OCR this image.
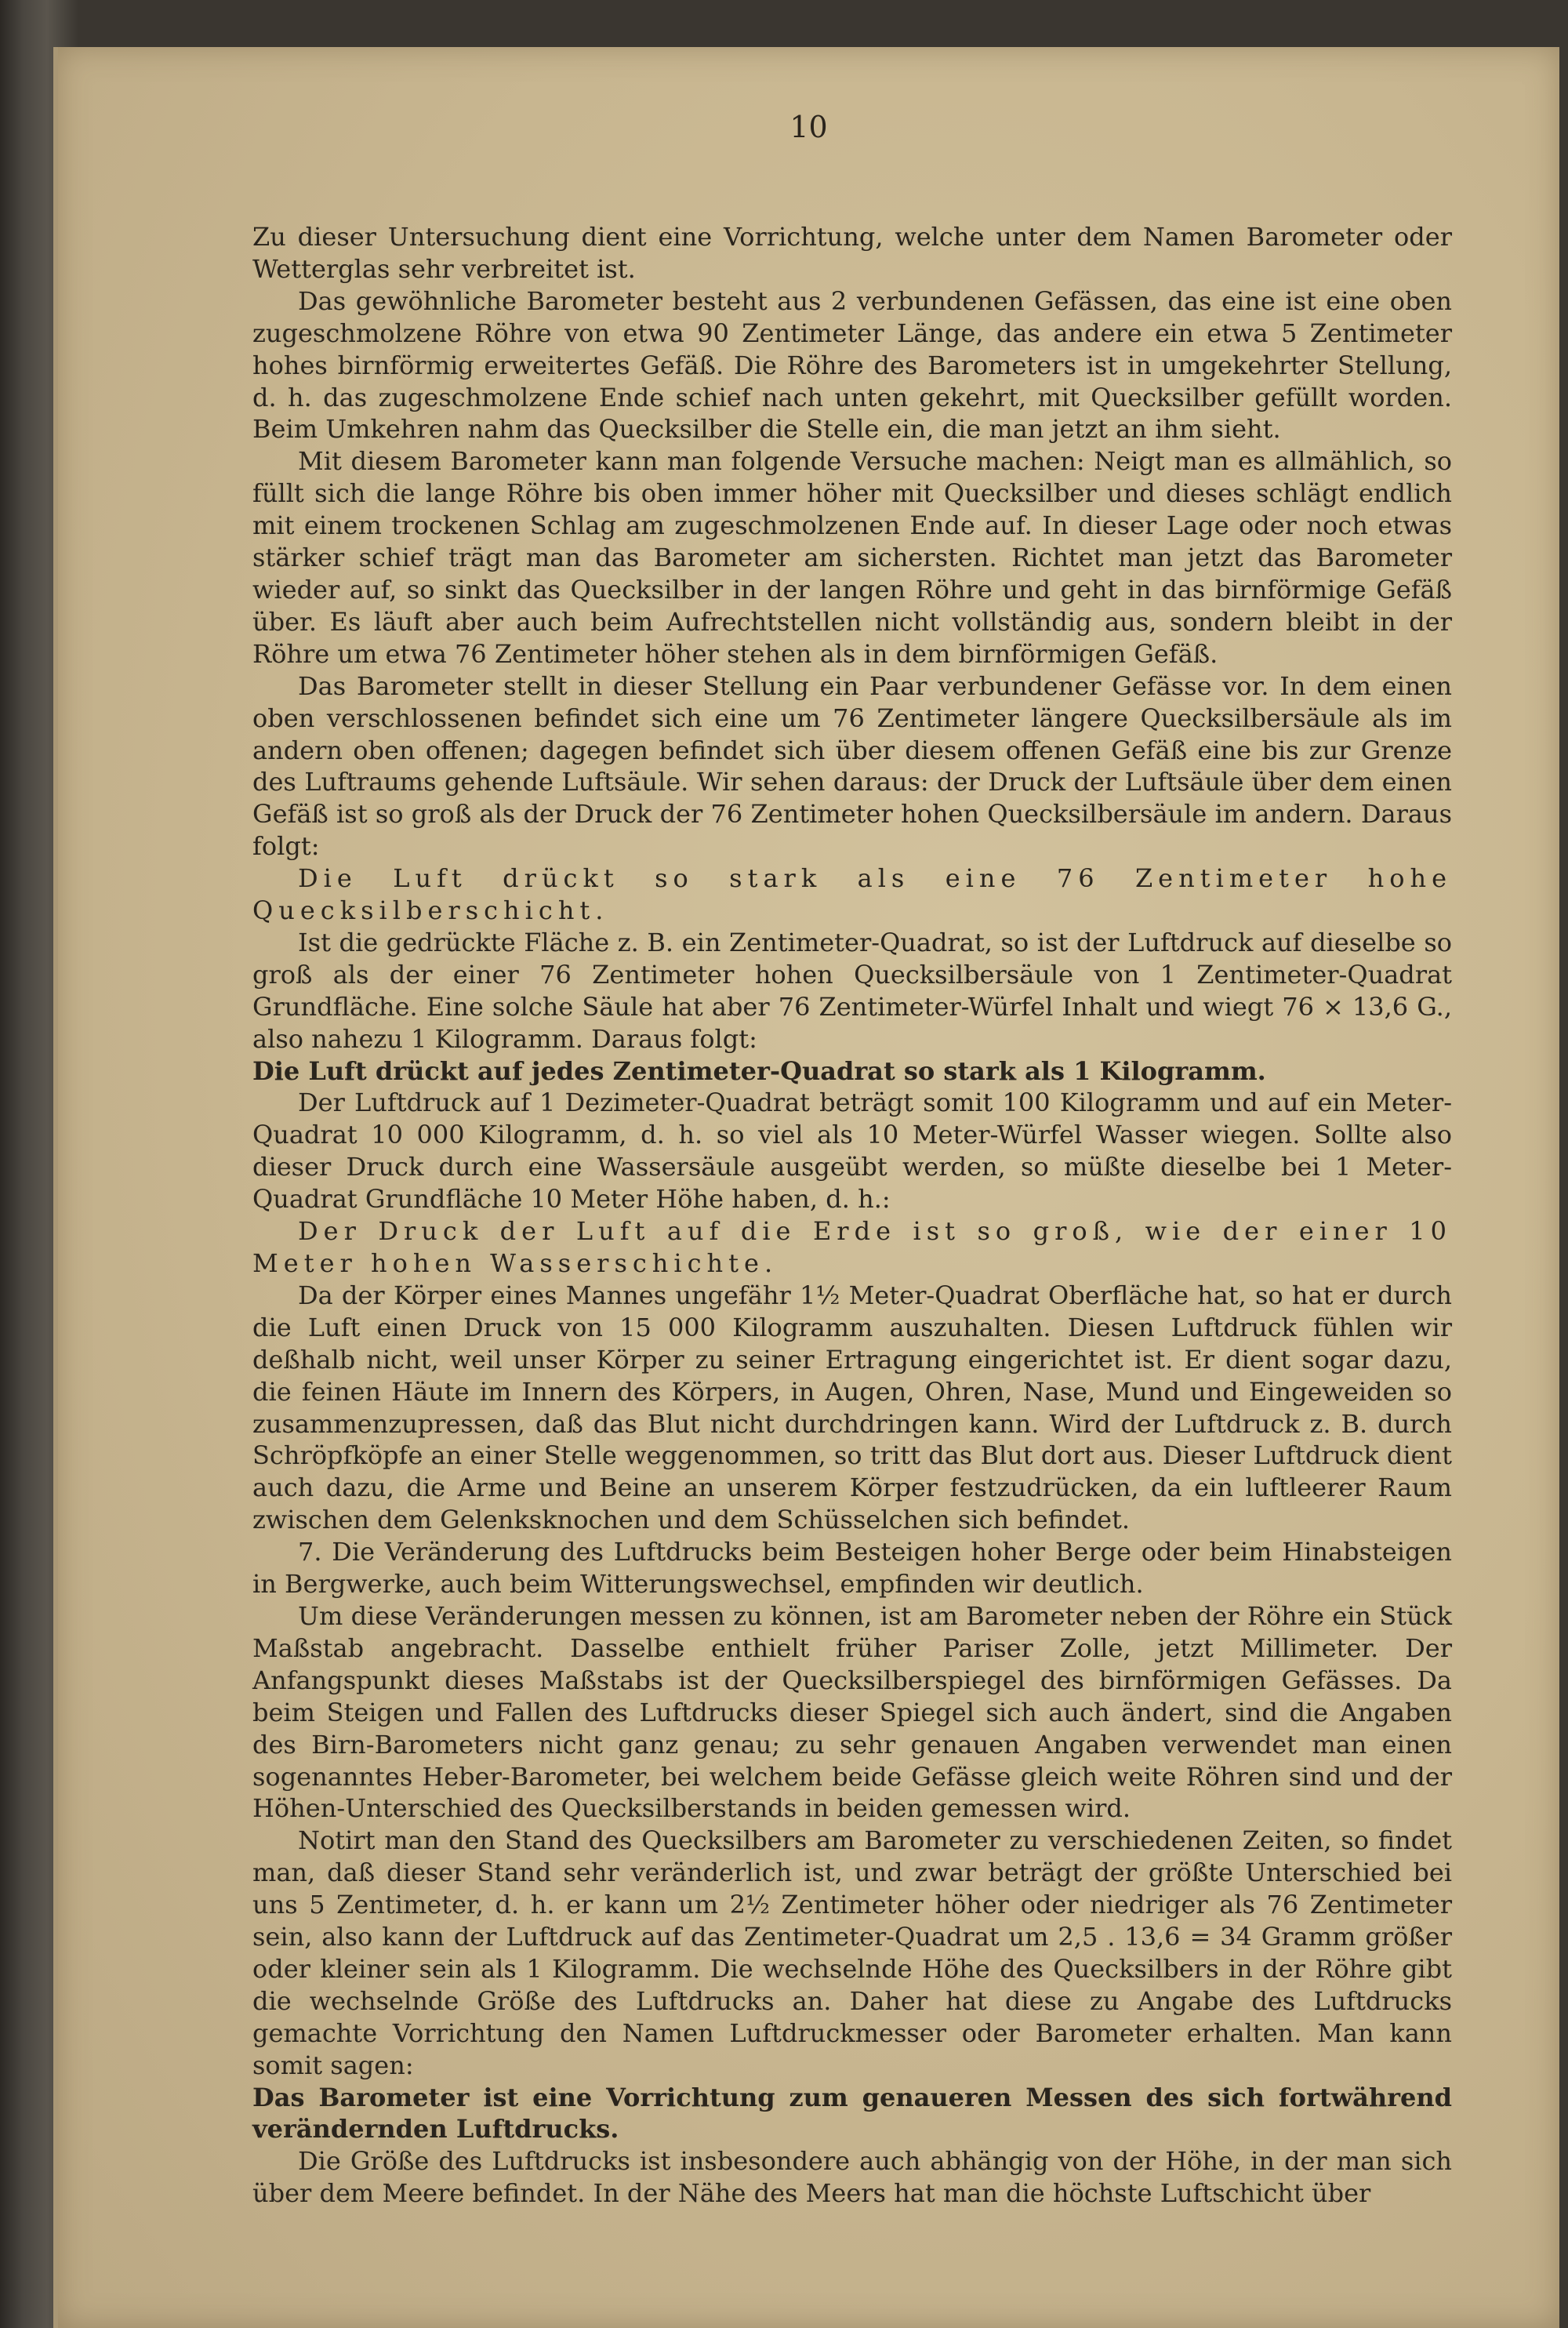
10

Zu dieser Untersuchung dient eine Vorrichtung, welche unter dem Namen Barometer oder Wetterglas sehr verbreitet ist.

Das gewöhnliche Barometer besteht aus 2 verbundenen Gefässen, das eine ist eine oben zugeschmolzene Röhre von etwa 90 Zentimeter Länge, das andere ein etwa 5 Zentimeter hohes birnförmig erweitertes Gefäß. Die Röhre des Barometers ist in umgekehrter Stellung, d. h. das zugeschmolzene Ende schief nach unten gekehrt, mit Quecksilber gefüllt worden. Beim Umkehren nahm das Quecksilber die Stelle ein, die man jetzt an ihm sieht.

Mit diesem Barometer kann man folgende Versuche machen: Neigt man es allmählich, so füllt sich die lange Röhre bis oben immer höher mit Quecksilber und dieses schlägt endlich mit einem trockenen Schlag am zugeschmolzenen Ende auf. In dieser Lage oder noch etwas stärker schief trägt man das Barometer am sichersten. Richtet man jetzt das Barometer wieder auf, so sinkt das Quecksilber in der langen Röhre und geht in das birnförmige Gefäß über. Es läuft aber auch beim Aufrechtstellen nicht vollständig aus, sondern bleibt in der Röhre um etwa 76 Zentimeter höher stehen als in dem birnförmigen Gefäß.

Das Barometer stellt in dieser Stellung ein Paar verbundener Gefässe vor. In dem einen oben verschlossenen befindet sich eine um 76 Zentimeter längere Quecksilbersäule als im andern oben offenen; dagegen befindet sich über diesem offenen Gefäß eine bis zur Grenze des Luftraums gehende Luftsäule. Wir sehen daraus: der Druck der Luftsäule über dem einen Gefäß ist so groß als der Druck der 76 Zentimeter hohen Quecksilbersäule im andern. Daraus folgt:

Die Luft drückt so stark als eine 76 Zentimeter hohe Quecksilberschicht.

Ist die gedrückte Fläche z. B. ein Zentimeter-Quadrat, so ist der Luftdruck auf dieselbe so groß als der einer 76 Zentimeter hohen Quecksilbersäule von 1 Zentimeter-Quadrat Grundfläche. Eine solche Säule hat aber 76 Zentimeter-Würfel Inhalt und wiegt 76 × 13,6 G., also nahezu 1 Kilogramm. Daraus folgt:

Die Luft drückt auf jedes Zentimeter-Quadrat so stark als 1 Kilogramm.

Der Luftdruck auf 1 Dezimeter-Quadrat beträgt somit 100 Kilogramm und auf ein Meter-Quadrat 10 000 Kilogramm, d. h. so viel als 10 Meter-Würfel Wasser wiegen. Sollte also dieser Druck durch eine Wassersäule ausgeübt werden, so müßte dieselbe bei 1 Meter-Quadrat Grundfläche 10 Meter Höhe haben, d. h.:

Der Druck der Luft auf die Erde ist so groß, wie der einer 10 Meter hohen Wasserschichte.

Da der Körper eines Mannes ungefähr 1½ Meter-Quadrat Oberfläche hat, so hat er durch die Luft einen Druck von 15 000 Kilogramm auszuhalten. Diesen Luftdruck fühlen wir deßhalb nicht, weil unser Körper zu seiner Ertragung eingerichtet ist. Er dient sogar dazu, die feinen Häute im Innern des Körpers, in Augen, Ohren, Nase, Mund und Eingeweiden so zusammenzupressen, daß das Blut nicht durchdringen kann. Wird der Luftdruck z. B. durch Schröpfköpfe an einer Stelle weggenommen, so tritt das Blut dort aus. Dieser Luftdruck dient auch dazu, die Arme und Beine an unserem Körper festzudrücken, da ein luftleerer Raum zwischen dem Gelenksknochen und dem Schüsselchen sich befindet.

7. Die Veränderung des Luftdrucks beim Besteigen hoher Berge oder beim Hinabsteigen in Bergwerke, auch beim Witterungswechsel, empfinden wir deutlich.

Um diese Veränderungen messen zu können, ist am Barometer neben der Röhre ein Stück Maßstab angebracht. Dasselbe enthielt früher Pariser Zolle, jetzt Millimeter. Der Anfangspunkt dieses Maßstabs ist der Quecksilberspiegel des birnförmigen Gefässes. Da beim Steigen und Fallen des Luftdrucks dieser Spiegel sich auch ändert, sind die Angaben des Birn-Barometers nicht ganz genau; zu sehr genauen Angaben verwendet man einen sogenanntes Heber-Barometer, bei welchem beide Gefässe gleich weite Röhren sind und der Höhen-Unterschied des Quecksilberstands in beiden gemessen wird.

Notirt man den Stand des Quecksilbers am Barometer zu verschiedenen Zeiten, so findet man, daß dieser Stand sehr veränderlich ist, und zwar beträgt der größte Unterschied bei uns 5 Zentimeter, d. h. er kann um 2½ Zentimeter höher oder niedriger als 76 Zentimeter sein, also kann der Luftdruck auf das Zentimeter-Quadrat um 2,5 . 13,6 = 34 Gramm größer oder kleiner sein als 1 Kilogramm. Die wechselnde Höhe des Quecksilbers in der Röhre gibt die wechselnde Größe des Luftdrucks an. Daher hat diese zu Angabe des Luftdrucks gemachte Vorrichtung den Namen Luftdruckmesser oder Barometer erhalten. Man kann somit sagen:

Das Barometer ist eine Vorrichtung zum genaueren Messen des sich fortwährend verändernden Luftdrucks.

Die Größe des Luftdrucks ist insbesondere auch abhängig von der Höhe, in der man sich über dem Meere befindet. In der Nähe des Meers hat man die höchste Luftschicht über
